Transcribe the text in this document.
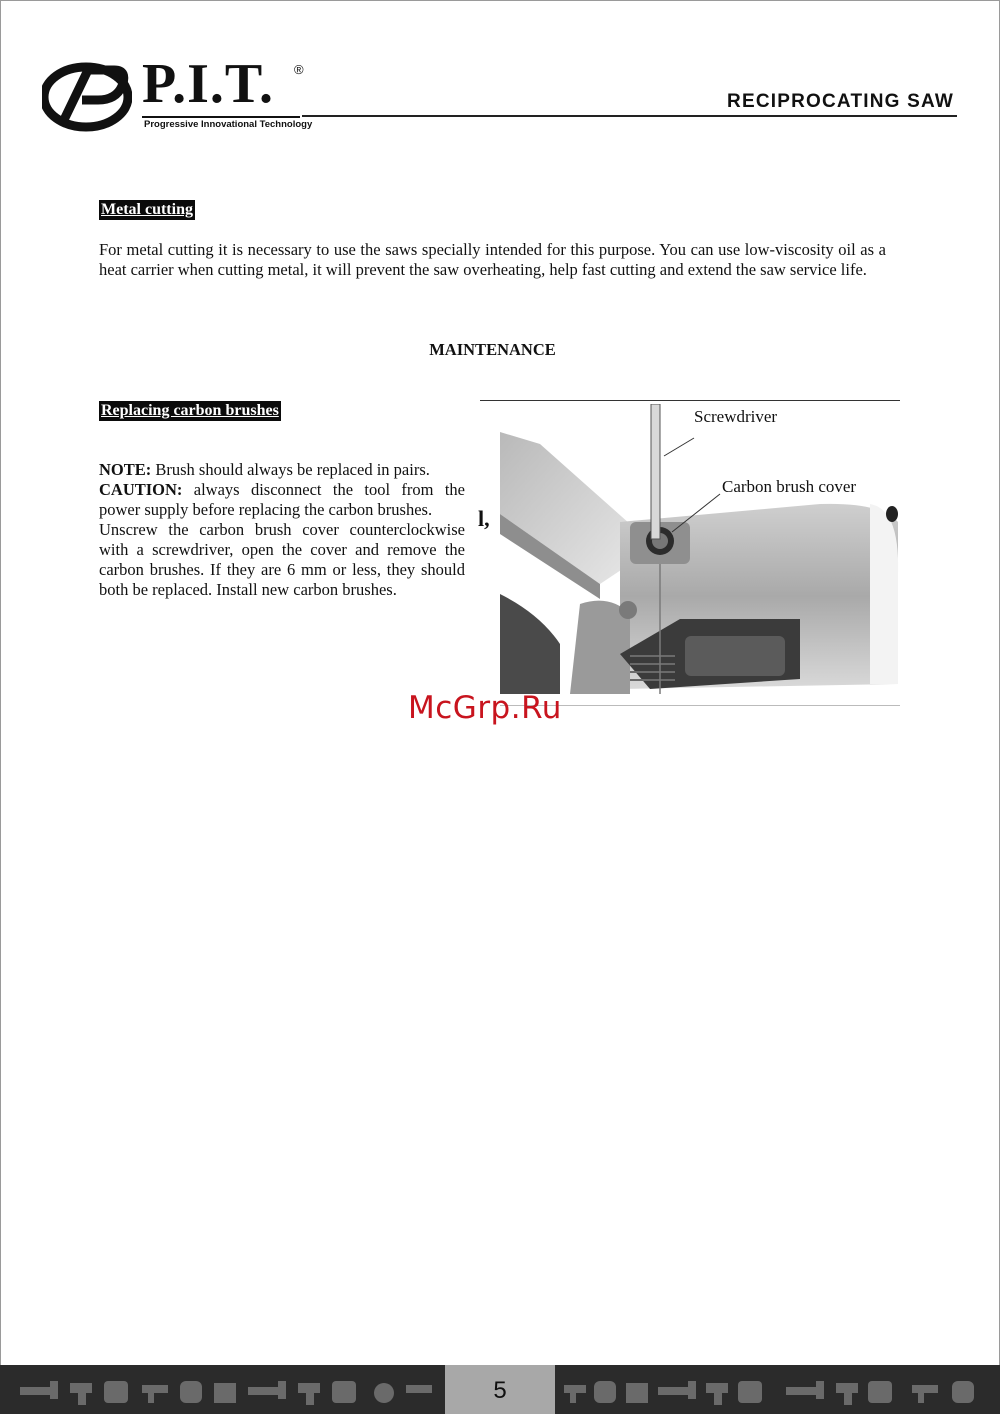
P.I.T. ®
Progressive Innovational Technology
RECIPROCATING SAW
Metal cutting

For metal cutting it is necessary to use the saws specially intended for this purpose. You can use low-viscosity oil as a heat carrier when cutting metal, it will prevent the saw overheating, help fast cutting and extend the saw service life.

MAINTENANCE
Replacing carbon brushes

NOTE: Brush should always be replaced in pairs.

CAUTION: always disconnect the tool from the power supply before replacing the carbon brushes.

Unscrew the carbon brush cover counterclockwise with a screwdriver, open the cover and remove the carbon brushes. If they are 6 mm or less, they should both be replaced. Install new carbon brushes.

l,
Screwdriver
Carbon brush cover
McGrp.Ru
5
